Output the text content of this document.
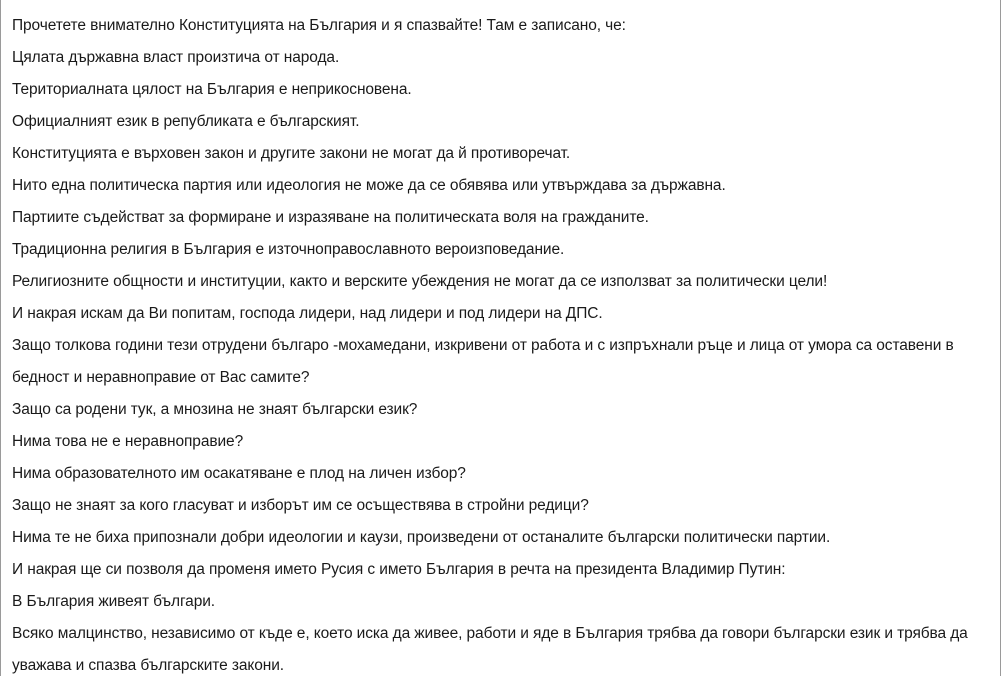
Прочетете внимателно Конституцията на България и я спазвайте! Там е записано, че:

Цялата държавна власт произтича от народа.

Териториалната цялост на България е неприкосновена.

Официалният език в републиката е българският.

Конституцията е върховен закон и другите закони не могат да й противоречат.

Нито една политическа партия или идеология не може да се обявява или утвърждава за държавна.

Партиите съдействат за формиране и изразяване на политическата воля на гражданите.

Традиционна религия в България е източноправославното вероизповедание.

Религиозните общности и институции, както и верските убеждения не могат да се използват за политически цели!

И накрая искам да Ви попитам, господа лидери, над лидери и под лидери на ДПС.

Защо толкова години тези отрудени българо -мохамедани, изкривени от работа и с изпръхнали ръце и лица от умора са оставени в бедност и неравноправие от Вас самите?

Защо са родени тук, а мнозина не знаят български език?

Нима това не е неравноправие?

Нима образователното им осакатяване е плод на личен избор?

Защо не знаят за кого гласуват и изборът им се осъществява в стройни редици?

Нима те не биха припознали добри идеологии и каузи, произведени от останалите български политически партии.

И накрая ще си позволя да променя името Русия с името България в речта на президента Владимир Путин:

В България живеят българи.

Всяко малцинство, независимо от къде е, което иска да живее, работи и яде в България трябва да говори български език и трябва да уважава и спазва българските закони.
